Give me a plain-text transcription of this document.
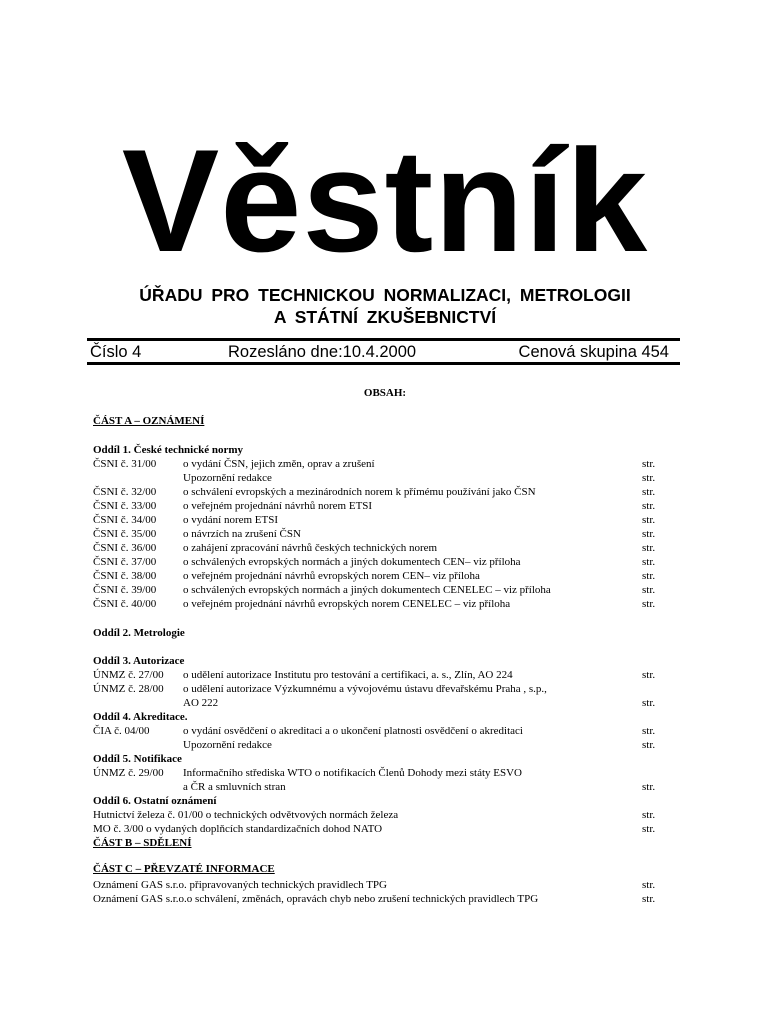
Věstník
ÚŘADU PRO TECHNICKOU NORMALIZACI, METROLOGII
A STÁTNÍ ZKUŠEBNICTVÍ
Číslo 4	Rozesláno dne:10.4.2000	Cenová skupina 454
OBSAH:
ČÁST A – OZNÁMENÍ
Oddíl 1. České technické normy
ČSNI č. 31/00 o vydání ČSN, jejich změn, oprav a zrušení	str.
Upozornění redakce	str.
ČSNI č. 32/00 o schválení evropských a mezinárodních norem k přímému používání jako ČSN	str.
ČSNI č. 33/00 o veřejném projednání návrhů norem ETSI	str.
ČSNI č. 34/00 o vydání norem ETSI	str.
ČSNI č. 35/00 o návrzích na zrušení ČSN	str.
ČSNI č. 36/00 o zahájení zpracování návrhů českých technických norem	str.
ČSNI č. 37/00 o schválených evropských normách a jiných dokumentech CEN– viz příloha	str.
ČSNI č. 38/00 o veřejném projednání návrhů evropských norem CEN– viz příloha	str.
ČSNI č. 39/00 o schválených evropských normách a jiných dokumentech CENELEC – viz příloha	str.
ČSNI č. 40/00 o veřejném projednání návrhů evropských norem CENELEC – viz příloha	str.
Oddíl 2. Metrologie
Oddíl 3. Autorizace
ÚNMZ č. 27/00 o udělení autorizace Institutu pro testování a certifikaci, a. s., Zlín, AO 224	str.
ÚNMZ č. 28/00 o udělení autorizace Výzkumnému a vývojovému ústavu dřevařskému Praha , s.p.,
AO 222	str.
Oddíl 4. Akreditace.
ČIA č. 04/00	o vydání osvědčení o akreditaci a o ukončení platnosti osvědčení o akreditaci	str.
Upozornění redakce	str.
Oddíl 5. Notifikace
ÚNMZ č. 29/00 Informačního střediska WTO o notifikacích Členů Dohody mezi státy ESVO
a ČR a smluvních stran	str.
Oddíl 6. Ostatní oznámení
Hutnictví železa č. 01/00 o technických odvětvových normách železa	str.
MO č. 3/00 o vydaných doplňcích standardizačních dohod NATO	str.
ČÁST B – SDĚLENÍ
ČÁST C – PŘEVZATÉ INFORMACE
Oznámení GAS s.r.o. připravovaných technických pravidlech TPG	str.
Oznámení GAS s.r.o.o schválení, změnách, opravách chyb nebo zrušení technických pravidlech TPG	str.
